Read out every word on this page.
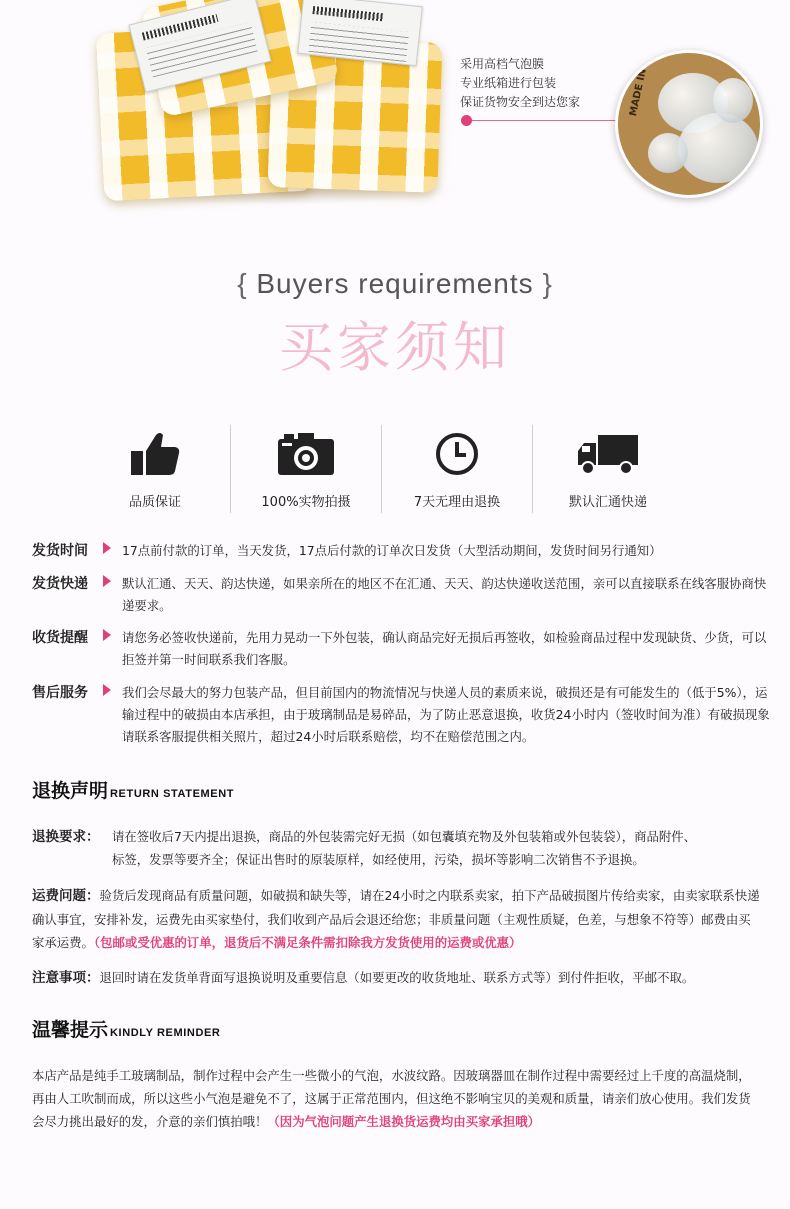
采用高档气泡膜
专业纸箱进行包装
保证货物安全到达您家	MADE IN C
{ Buyers requirements }
买家须知
品质保证	100%实物拍摄	7天无理由退换	默认汇通快递
发货时间	17点前付款的订单，当天发货，17点后付款的订单次日发货（大型活动期间，发货时间另行通知）
发货快递	默认汇通、天天、韵达快递，如果亲所在的地区不在汇通、天天、韵达快递收送范围，亲可以直接联系在线客服协商快递要求。
收货提醒	请您务必签收快递前，先用力晃动一下外包装，确认商品完好无损后再签收，如检验商品过程中发现缺货、少货，可以拒签并第一时间联系我们客服。
售后服务	我们会尽最大的努力包装产品，但目前国内的物流情况与快递人员的素质来说，破损还是有可能发生的（低于5%），运输过程中的破损由本店承担，由于玻璃制品是易碎品，为了防止恶意退换，收货24小时内（签收时间为准）有破损现象请联系客服提供相关照片，超过24小时后联系赔偿，均不在赔偿范围之内。
退换声明 RETURN STATEMENT
退换要求： 请在签收后7天内提出退换，商品的外包装需完好无损（如包囊填充物及外包装箱或外包装袋），商品附件、
标签，发票等要齐全；保证出售时的原装原样，如经使用，污染，损坏等影响二次销售不予退换。
运费问题：验货后发现商品有质量问题，如破损和缺失等，请在24小时之内联系卖家，拍下产品破损图片传给卖家，由卖家联系快递确认事宜，安排补发，运费先由买家垫付，我们收到产品后会退还给您；非质量问题（主观性质疑，色差，与想象不符等）邮费由买家承运费。（包邮或受优惠的订单，退货后不满足条件需扣除我方发货使用的运费或优惠）
注意事项：退回时请在发货单背面写退换说明及重要信息（如要更改的收货地址、联系方式等）到付件拒收，平邮不取。
温馨提示 KINDLY REMINDER
本店产品是纯手工玻璃制品，制作过程中会产生一些微小的气泡，水波纹路。因玻璃器皿在制作过程中需要经过上千度的高温烧制，再由人工吹制而成，所以这些小气泡是避免不了，这属于正常范围内，但这绝不影响宝贝的美观和质量，请亲们放心使用。我们发货会尽力挑出最好的发，介意的亲们慎拍哦！（因为气泡问题产生退换货运费均由买家承担哦）
